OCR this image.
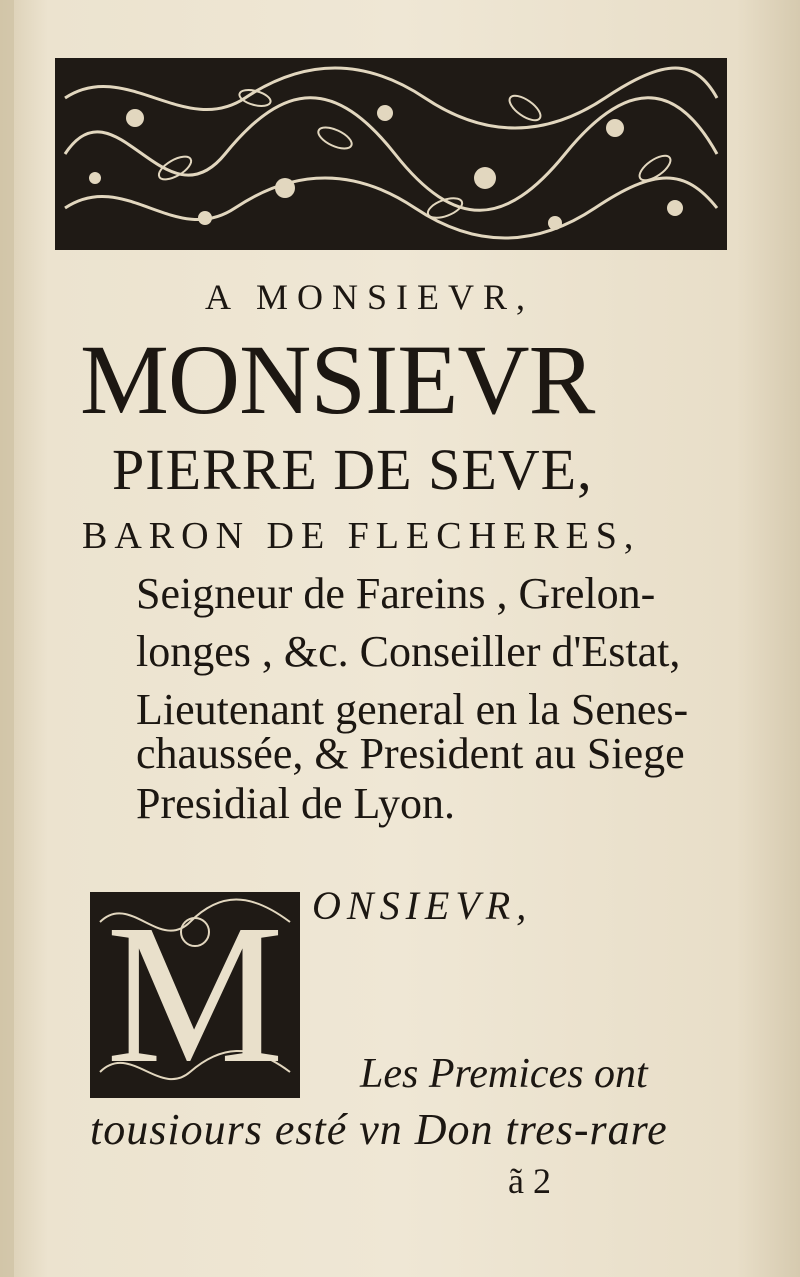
A MONSIEVR,
MONSIEVR
PIERRE DE SEVE,
BARON DE FLECHERES,
Seigneur de Fareins , Grelon-
longes , &c. Conseiller d'Estat,
Lieutenant general en la Senes-
chaussée, & President au Siege
Presidial de Lyon.
M ONSIEVR,
Les Premices ont
tousiours esté vn Don tres-rare
ã 2
